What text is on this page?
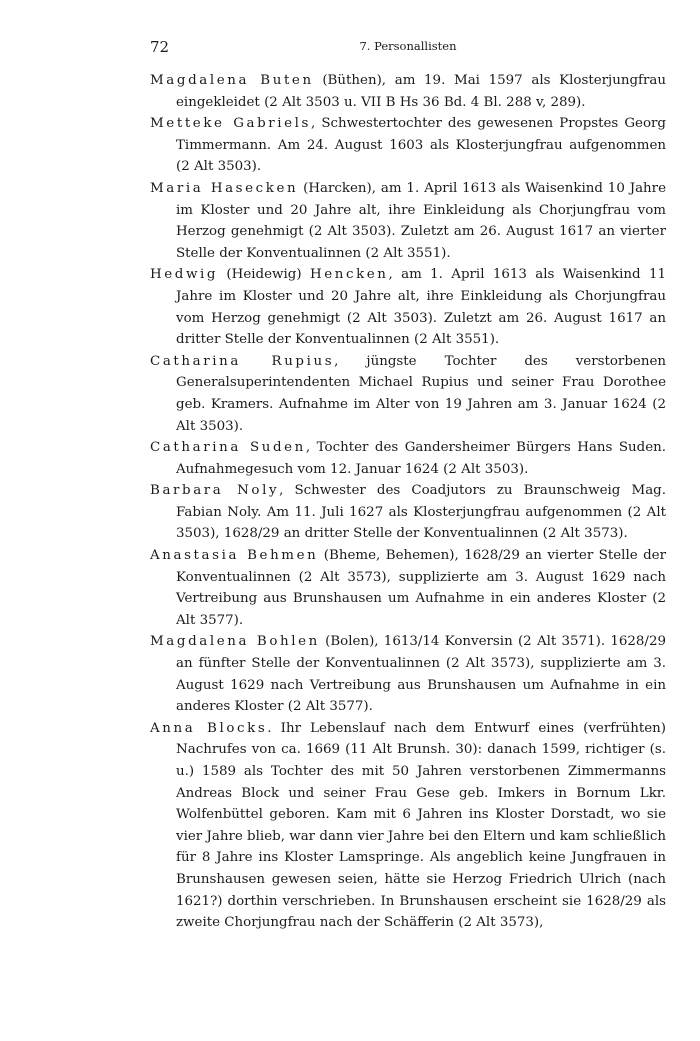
72	7. Personallisten

Magdalena Buten (Büthen), am 19. Mai 1597 als Klosterjungfrau eingekleidet (2 Alt 3503 u. VII B Hs 36 Bd. 4 Bl. 288 v, 289).

Metteke Gabriels, Schwestertochter des gewesenen Propstes Georg Timmermann. Am 24. August 1603 als Klosterjungfrau aufgenommen (2 Alt 3503).

Maria Hasecken (Harcken), am 1. April 1613 als Waisenkind 10 Jahre im Kloster und 20 Jahre alt, ihre Einkleidung als Chorjungfrau vom Herzog genehmigt (2 Alt 3503). Zuletzt am 26. August 1617 an vierter Stelle der Konventualinnen (2 Alt 3551).

Hedwig (Heidewig) Hencken, am 1. April 1613 als Waisenkind 11 Jahre im Kloster und 20 Jahre alt, ihre Einkleidung als Chorjungfrau vom Herzog genehmigt (2 Alt 3503). Zuletzt am 26. August 1617 an dritter Stelle der Konventualinnen (2 Alt 3551).

Catharina Rupius, jüngste Tochter des verstorbenen Generalsuperintendenten Michael Rupius und seiner Frau Dorothee geb. Kramers. Aufnahme im Alter von 19 Jahren am 3. Januar 1624 (2 Alt 3503).

Catharina Suden, Tochter des Gandersheimer Bürgers Hans Suden. Aufnahmegesuch vom 12. Januar 1624 (2 Alt 3503).

Barbara Noly, Schwester des Coadjutors zu Braunschweig Mag. Fabian Noly. Am 11. Juli 1627 als Klosterjungfrau aufgenommen (2 Alt 3503), 1628/29 an dritter Stelle der Konventualinnen (2 Alt 3573).

Anastasia Behmen (Bheme, Behemen), 1628/29 an vierter Stelle der Konventualinnen (2 Alt 3573), supplizierte am 3. August 1629 nach Vertreibung aus Brunshausen um Aufnahme in ein anderes Kloster (2 Alt 3577).

Magdalena Bohlen (Bolen), 1613/14 Konversin (2 Alt 3571). 1628/29 an fünfter Stelle der Konventualinnen (2 Alt 3573), supplizierte am 3. August 1629 nach Vertreibung aus Brunshausen um Aufnahme in ein anderes Kloster (2 Alt 3577).

Anna Blocks. Ihr Lebenslauf nach dem Entwurf eines (verfrühten) Nachrufes von ca. 1669 (11 Alt Brunsh. 30): danach 1599, richtiger (s. u.) 1589 als Tochter des mit 50 Jahren verstorbenen Zimmermanns Andreas Block und seiner Frau Gese geb. Imkers in Bornum Lkr. Wolfenbüttel geboren. Kam mit 6 Jahren ins Kloster Dorstadt, wo sie vier Jahre blieb, war dann vier Jahre bei den Eltern und kam schließlich für 8 Jahre ins Kloster Lamspringe. Als angeblich keine Jungfrauen in Brunshausen gewesen seien, hätte sie Herzog Friedrich Ulrich (nach 1621?) dorthin verschrieben. In Brunshausen erscheint sie 1628/29 als zweite Chorjungfrau nach der Schäfferin (2 Alt 3573),
